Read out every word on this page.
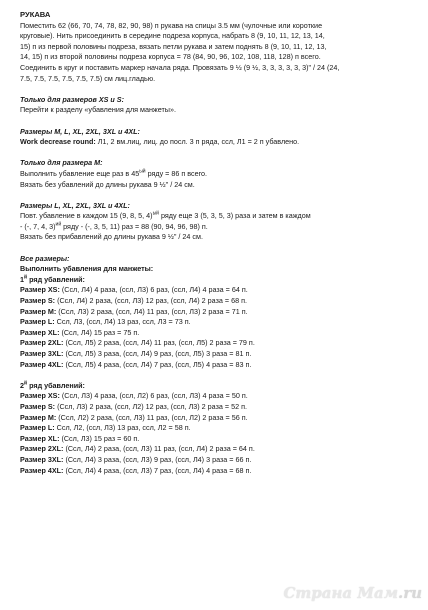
РУКАВА

Поместить 62 (66, 70, 74, 78, 82, 90, 98) п рукава на спицы 3.5 мм (чулочные или короткие

круговые). Нить присоединить в середине подреза корпуса, набрать 8 (9, 10, 11, 12, 13, 14,

15) п из первой половины подреза, вязать петли рукава и затем поднять 8 (9, 10, 11, 12, 13,

14, 15) п из второй половины подреза корпуса = 78 (84, 90, 96, 102, 108, 118, 128) п всего.

Соединить в круг и поставить маркер начала ряда. Провязать 9 ½ (9 ½, 3, 3, 3, 3, 3, 3)" / 24 (24,

7.5, 7.5, 7.5, 7.5, 7.5, 7.5) см лиц.гладью.

Только для размеров XS и S:

Перейти к разделу «убавления для манжеты».

Размеры M, L, XL, 2XL, 3XL и 4XL:

Work decrease round: Л1, 2 вм.лиц, лиц. до посл. 3 п ряда, ссл, Л1 = 2 п убавлено.

Только для размера M:

Выполнить убавление еще раз в $45^{ый}$ ряду = 86 п всего.

Вязать без убавлений до длины рукава 9 ½" / 24 см.

Размеры L, XL, 2XL, 3XL и 4XL:

Повт. убавление в каждом 15 (9, 8, 5, 4)$^{ый}$ ряду еще 3 (5, 3, 5, 3) раза и затем в каждом

- (-, 7, 4, 3)$^{ий}$ ряду - (-, 3, 5, 11) раз = 88 (90, 94, 96, 98) п.

Вязать без прибавлений до длины рукава 9 ½" / 24 см.

Все размеры:

Выполнить убавления для манжеты:

$1^й$ ряд убавлений:

Размер XS: (Ссл, Л4) 4 раза, (ссл, Л3) 6 раз, (ссл, Л4) 4 раза = 64 п.

Размер S: (Ссл, Л4) 2 раза, (ссл, Л3) 12 раз, (ссл, Л4) 2 раза = 68 п.

Размер M: (Ссл, Л3) 2 раза, (ссл, Л4) 11 раз, (ссл, Л3) 2 раза = 71 п.

Размер L: Ссл, Л3, (ссл, Л4) 13 раз, ссл, Л3 = 73 п.

Размер XL: (Ссл, Л4) 15 раз = 75 п.

Размер 2XL: (Ссл, Л5) 2 раза, (ссл, Л4) 11 раз, (ссл, Л5) 2 раза = 79 п.

Размер 3XL: (Ссл, Л5) 3 раза, (ссл, Л4) 9 раз, (ссл, Л5) 3 раза = 81 п.

Размер 4XL: (Ссл, Л5) 4 раза, (ссл, Л4) 7 раз, (ссл, Л5) 4 раза = 83 п.

$2^й$ ряд убавлений:

Размер XS: (Ссл, Л3) 4 раза, (ссл, Л2) 6 раз, (ссл, Л3) 4 раза = 50 п.

Размер S: (Ссл, Л3) 2 раза, (ссл, Л2) 12 раз, (ссл, Л3) 2 раза = 52 п.

Размер M: (Ссл, Л2) 2 раза, (ссл, Л3) 11 раз, (ссл, Л2) 2 раза = 56 п.

Размер L: Ссл, Л2, (ссл, Л3) 13 раз, ссл, Л2 = 58 п.

Размер XL: (Ссл, Л3) 15 раз = 60 п.

Размер 2XL: (Ссл, Л4) 2 раза, (ссл, Л3) 11 раз, (ссл, Л4) 2 раза = 64 п.

Размер 3XL: (Ссл, Л4) 3 раза, (ссл, Л3) 9 раз, (ссл, Л4) 3 раза = 66 п.

Размер 4XL: (Ссл, Л4) 4 раза, (ссл, Л3) 7 раз, (ссл, Л4) 4 раза = 68 п.

Страна Мам.ru
